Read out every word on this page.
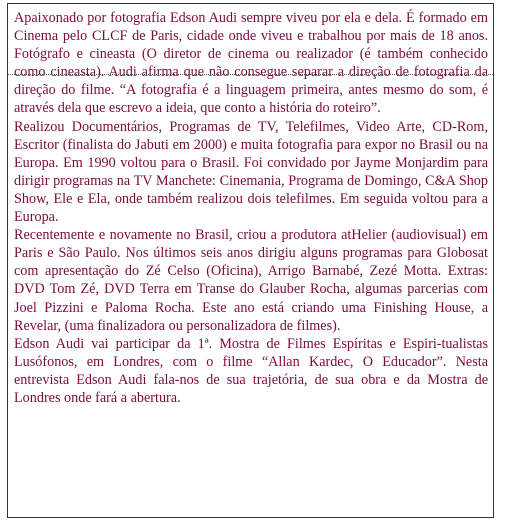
Apaixonado por fotografia Edson Audi sempre viveu por ela e dela. É formado em Cinema pelo CLCF de Paris, cidade onde viveu e trabalhou por mais de 18 anos. Fotógrafo e cineasta (O diretor de cinema ou realizador (é também conhecido como cineasta). Audi afirma que não consegue separar a direção de fotografia da direção do filme. “A fotografia é a linguagem primeira, antes mesmo do som, é através dela que escrevo a ideia, que conto a história do roteiro”.

Realizou Documentários, Programas de TV, Telefilmes, Video Arte, CD-Rom, Escritor (finalista do Jabuti em 2000) e muita fotografia para expor no Brasil ou na Europa. Em 1990 voltou para o Brasil. Foi convidado por Jayme Monjardim para dirigir programas na TV Manchete: Cinemania, Programa de Domingo, C&A Shop Show, Ele e Ela, onde também realizou dois telefilmes. Em seguida voltou para a Europa.

Recentemente e novamente no Brasil, criou a produtora atHelier (audiovisual) em Paris e São Paulo. Nos últimos seis anos dirigiu alguns programas para Globosat com apresentação do Zé Celso (Oficina), Arrigo Barnabé, Zezé Motta. Extras: DVD Tom Zé, DVD Terra em Transe do Glauber Rocha, algumas parcerias com Joel Pizzini e Paloma Rocha. Este ano está criando uma Finishing House, a Revelar, (uma finalizadora ou personalizadora de filmes).

Edson Audi vai participar da 1ª. Mostra de Filmes Espíritas e Espiri-tualistas Lusófonos, em Londres, com o filme “Allan Kardec, O Educador”. Nesta entrevista Edson Audi fala-nos de sua trajetória, de sua obra e da Mostra de Londres onde fará a abertura.
